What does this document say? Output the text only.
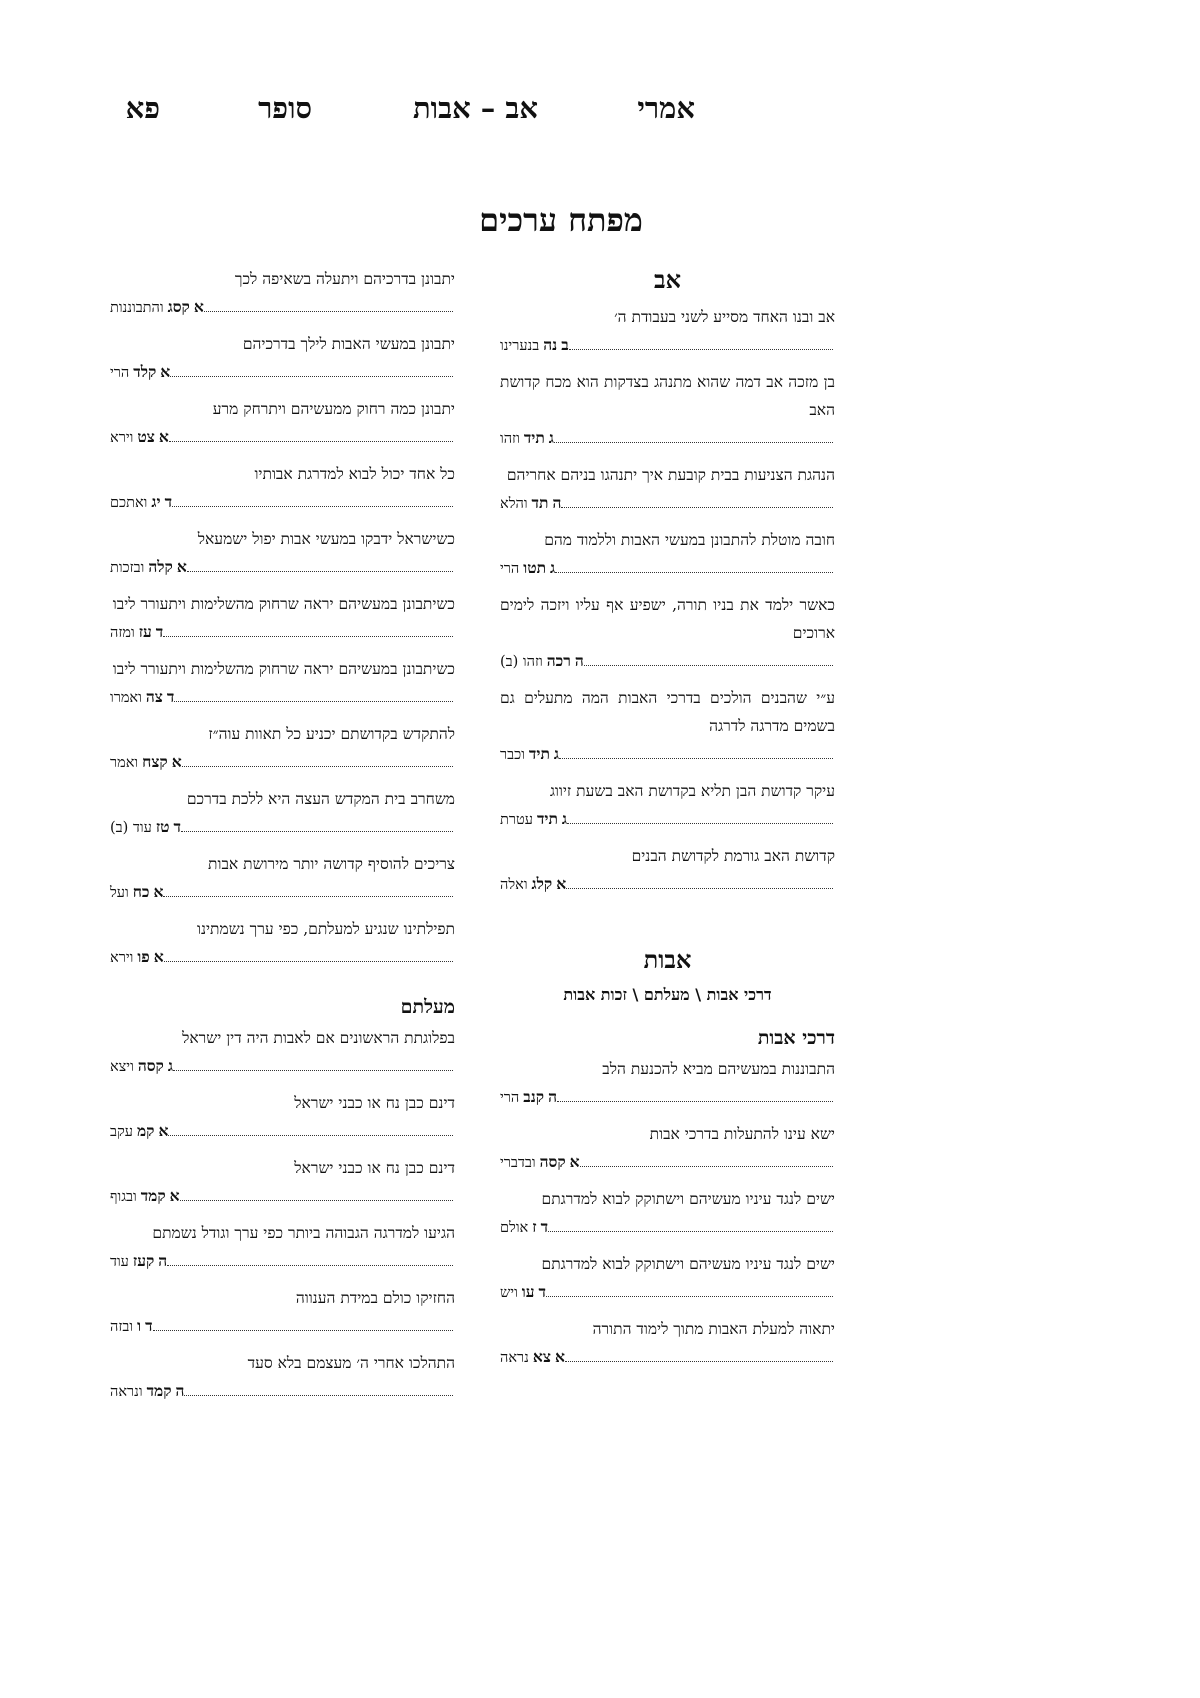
אמרי
אב – אבות
סופר
פא
מפתח ערכים
אב
אב ובנו האחד מסייע לשני בעבודת ה׳
ב
נה
בנערינו
בן מזכה אב דמה שהוא מתנהג בצדקות הוא מכח קדושת האב
ג
תיד
וזהו
הנהגת הצניעות בבית קובעת איך יתנהגו בניהם אחריהם
ה
תד
והלא
חובה מוטלת להתבונן במעשי האבות וללמוד מהם
ג
תטו
הרי
כאשר ילמד את בניו תורה, ישפיע אף עליו ויזכה לימים ארוכים
ה
רכה
וזהו (ב)
ע״י שהבנים הולכים בדרכי האבות המה מתעלים גם בשמים מדרגה לדרגה
ג
תיד
וכבר
עיקר קדושת הבן תליא בקדושת האב בשעת זיווג
ג
תיד
עטרת
קדושת האב גורמת לקדושת הבנים
א
קלג
ואלה
אבות
דרכי אבות \ מעלתם \ זכות אבות
דרכי אבות
התבוננות במעשיהם מביא להכנעת הלב
ה
קנב
הרי
ישא עינו להתעלות בדרכי אבות
א
קסה
ובדברי
ישים לנגד עיניו מעשיהם וישתוקק לבוא למדרגתם
ד
ז
אולם
ישים לנגד עיניו מעשיהם וישתוקק לבוא למדרגתם
ד
עו
ויש
יתאוה למעלת האבות מתוך לימוד התורה
א
צא
נראה
יתבונן בדרכיהם ויתעלה בשאיפה לכך
א
קסג
והתבוננות
יתבונן במעשי האבות לילך בדרכיהם
א
קלד
הרי
יתבונן כמה רחוק ממעשיהם ויתרחק מרע
א
צט
וירא
כל אחד יכול לבוא למדרגת אבותיו
ד
יג
ואתכם
כשישראל ידבקו במעשי אבות יפול ישמעאל
א
קלה
ובזכות
כשיתבונן במעשיהם יראה שרחוק מהשלימות ויתעורר ליבו
ד
עז
ומזה
כשיתבונן במעשיהם יראה שרחוק מהשלימות ויתעורר ליבו
ד
צה
ואמרו
להתקדש בקדושתם יכניע כל תאוות עוה״ז
א
קצח
ואמר
משחרב בית המקדש העצה היא ללכת בדרכם
ד
טז
עוד (ב)
צריכים להוסיף קדושה יותר מירושת אבות
א
כח
ועל
תפילתינו שנגיע למעלתם, כפי ערך נשמתינו
א
פו
וירא
מעלתם
בפלוגתת הראשונים אם לאבות היה דין ישראל
ג
קסה
ויצא
דינם כבן נח או כבני ישראל
א
קמ
עקב
דינם כבן נח או כבני ישראל
א
קמד
ובגוף
הגיעו למדרגה הגבוהה ביותר כפי ערך וגודל נשמתם
ה
קעז
עוד
החזיקו כולם במידת הענווה
ד
ו
ובזה
התהלכו אחרי ה׳ מעצמם בלא סעד
ה
קמד
ונראה
